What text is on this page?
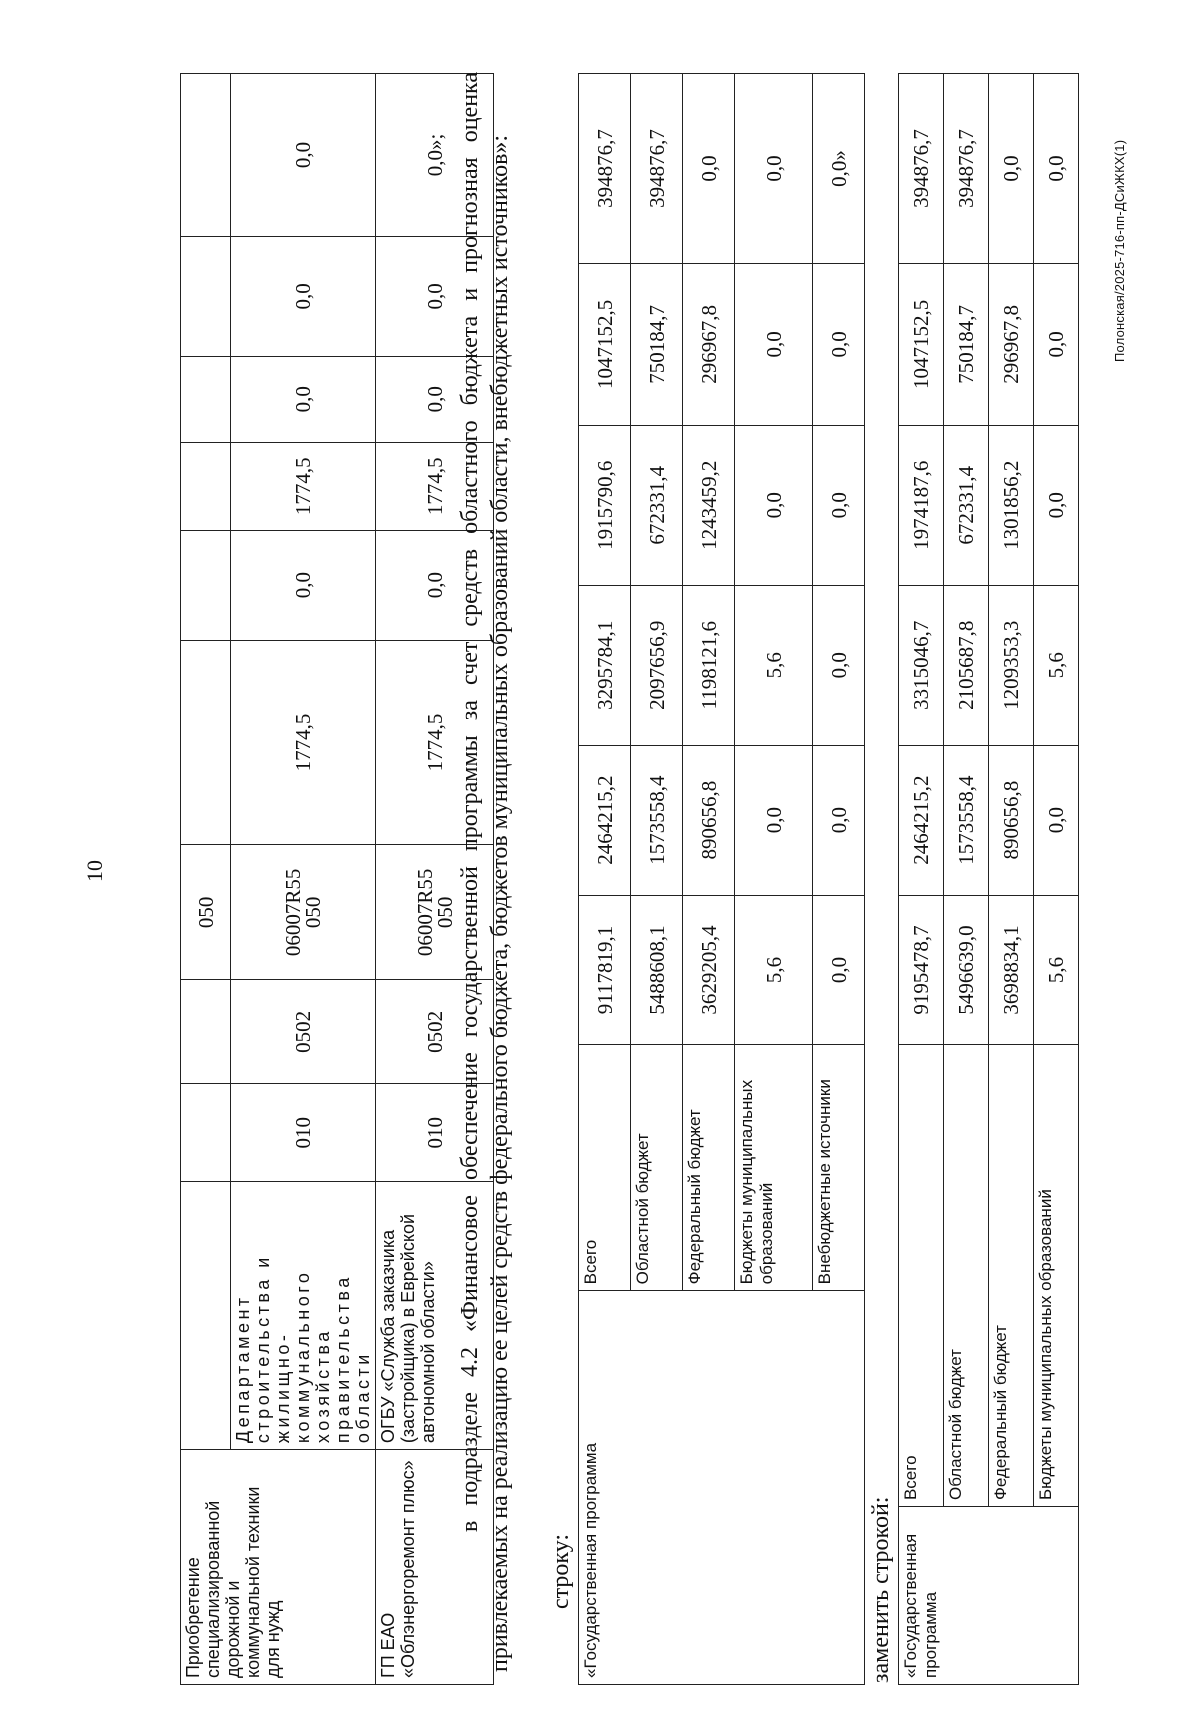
10
Приобретение специализированной дорожной и коммунальной техники для нужд				050						
	Департамент строительства и жилищно-коммунального хозяйства правительства области	010	0502	06007R55 050	1774,5	0,0	1774,5	0,0	0,0	0,0
ГП ЕАО «Облэнергоремонт плюс»	ОГБУ «Служба заказчика (застройщика) в Еврейской автономной области»	010	0502	06007R55 050	1774,5	0,0	1774,5	0,0	0,0	0,0»; в подразделе 4.2 «Финансовое обеспечение государственной программы за счет средств областного бюджета и прогнозная оценка привлекаемых на реализацию ее целей средств федерального бюджета, бюджетов муниципальных образований области, внебюджетных источников»: строку: «Государственная программа	Всего	9117819,1	2464215,2	3295784,1	1915790,6	1047152,5	394876,7
	Областной бюджет	5488608,1	1573558,4	2097656,9	672331,4	750184,7	394876,7
	Федеральный бюджет	3629205,4	890656,8	1198121,6	1243459,2	296967,8	0,0
	Бюджеты муниципальных образований	5,6	0,0	5,6	0,0	0,0	0,0
	Внебюджетные источники	0,0	0,0	0,0	0,0	0,0	0,0»
заменить строкой: «Государственная программа	Всего	9195478,7	2464215,2	3315046,7	1974187,6	1047152,5	394876,7
	Областной бюджет	5496639,0	1573558,4	2105687,8	672331,4	750184,7	394876,7
	Федеральный бюджет	3698834,1	890656,8	1209353,3	1301856,2	296967,8	0,0
	Бюджеты муниципальных образований	5,6	0,0	5,6	0,0	0,0	0,0	Полонская/2025-716-пп-ДСиЖКХ(1)
